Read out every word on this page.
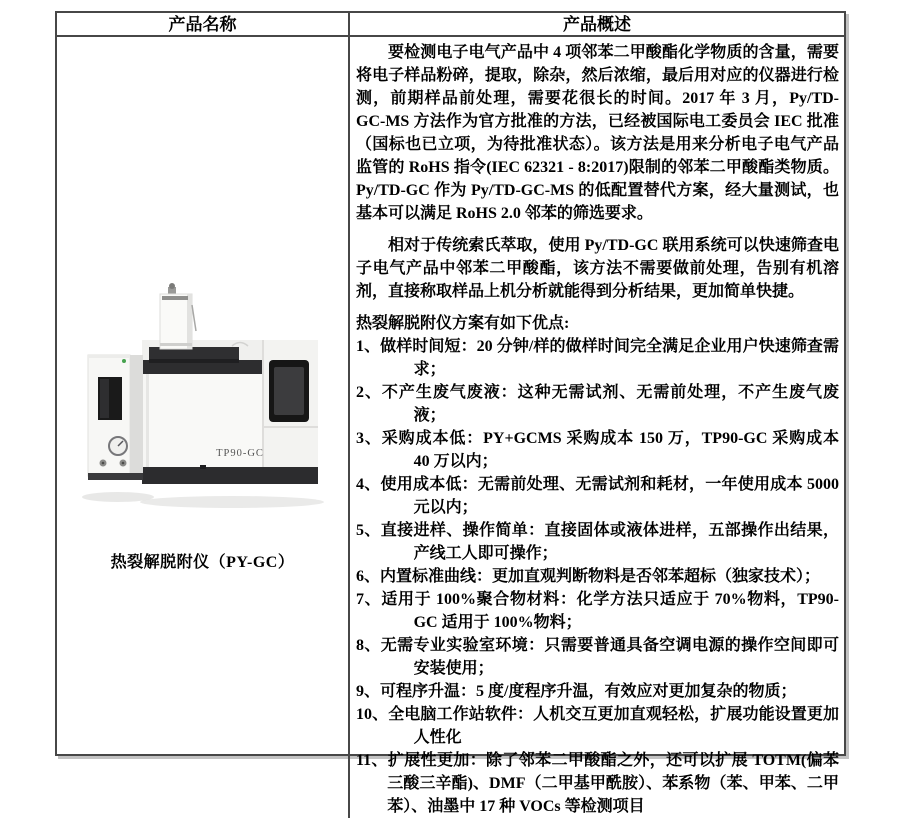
产品名称	产品概述
TP90-GC
热裂解脱附仪（PY-GC）

要检测电子电气产品中 4 项邻苯二甲酸酯化学物质的含量，需要将电子样品粉碎，提取，除杂，然后浓缩，最后用对应的仪器进行检测，前期样品前处理，需要花很长的时间。2017 年 3 月，Py/TD-GC-MS 方法作为官方批准的方法，已经被国际电工委员会 IEC 批准（国标也已立项，为待批准状态）。该方法是用来分析电子电气产品监管的 RoHS 指令(IEC 62321 - 8:2017)限制的邻苯二甲酸酯类物质。Py/TD-GC 作为 Py/TD-GC-MS 的低配置替代方案，经大量测试，也基本可以满足 RoHS 2.0 邻苯的筛选要求。

相对于传统索氏萃取，使用 Py/TD-GC 联用系统可以快速筛查电子电气产品中邻苯二甲酸酯，该方法不需要做前处理，告别有机溶剂，直接称取样品上机分析就能得到分析结果，更加简单快捷。

热裂解脱附仪方案有如下优点:

1、做样时间短：20 分钟/样的做样时间完全满足企业用户快速筛查需求；

2、不产生废气废液：这种无需试剂、无需前处理，不产生废气废液；

3、采购成本低：PY+GCMS 采购成本 150 万，TP90-GC 采购成本 40 万以内；

4、使用成本低：无需前处理、无需试剂和耗材，一年使用成本 5000 元以内；

5、直接进样、操作简单：直接固体或液体进样，五部操作出结果，产线工人即可操作；

6、内置标准曲线：更加直观判断物料是否邻苯超标（独家技术）；

7、适用于 100%聚合物材料：化学方法只适应于 70%物料，TP90-GC 适用于 100%物料；

8、无需专业实验室环境：只需要普通具备空调电源的操作空间即可安装使用；

9、可程序升温：5 度/度程序升温，有效应对更加复杂的物质；

10、全电脑工作站软件：人机交互更加直观轻松，扩展功能设置更加人性化

11、扩展性更加：除了邻苯二甲酸酯之外，还可以扩展 TOTM(偏苯三酸三辛酯)、DMF（二甲基甲酰胺）、苯系物（苯、甲苯、二甲苯）、油墨中 17 种 VOCs 等检测项目
